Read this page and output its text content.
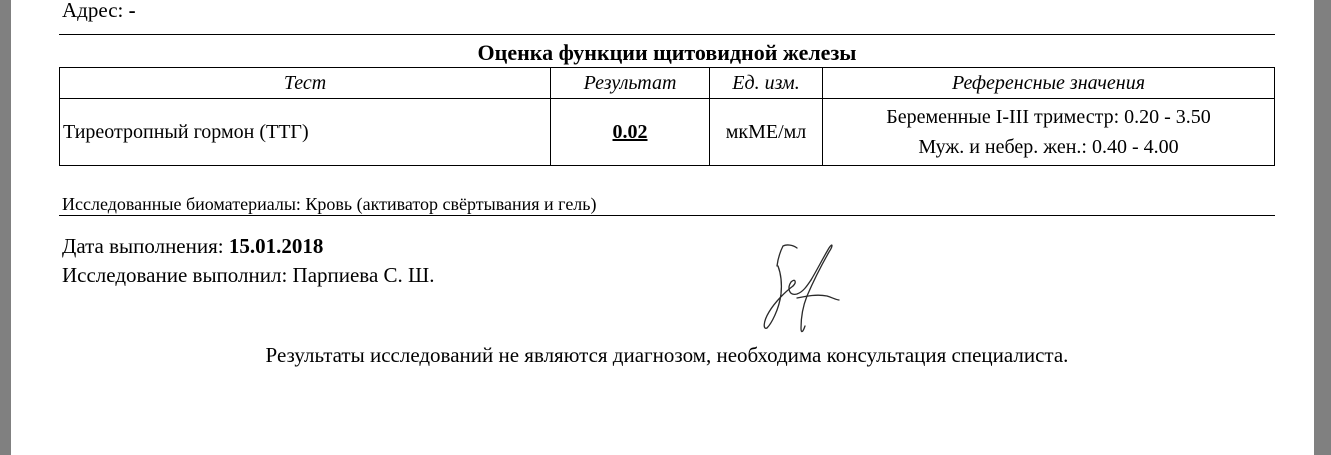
Адрес: -
Оценка функции щитовидной железы
Тест	Результат	Ед. изм.	Референсные значения
Тиреотропный гормон (ТТГ)	0.02	мкМЕ/мл	Беременные I-III триместр: 0.20 - 3.50
Муж. и небер. жен.: 0.40 - 4.00
Исследованные биоматериалы: Кровь (активатор свёртывания и гель)
Дата выполнения: 15.01.2018
Исследование выполнил: Парпиева С. Ш.
Результаты исследований не являются диагнозом, необходима консультация специалиста.
